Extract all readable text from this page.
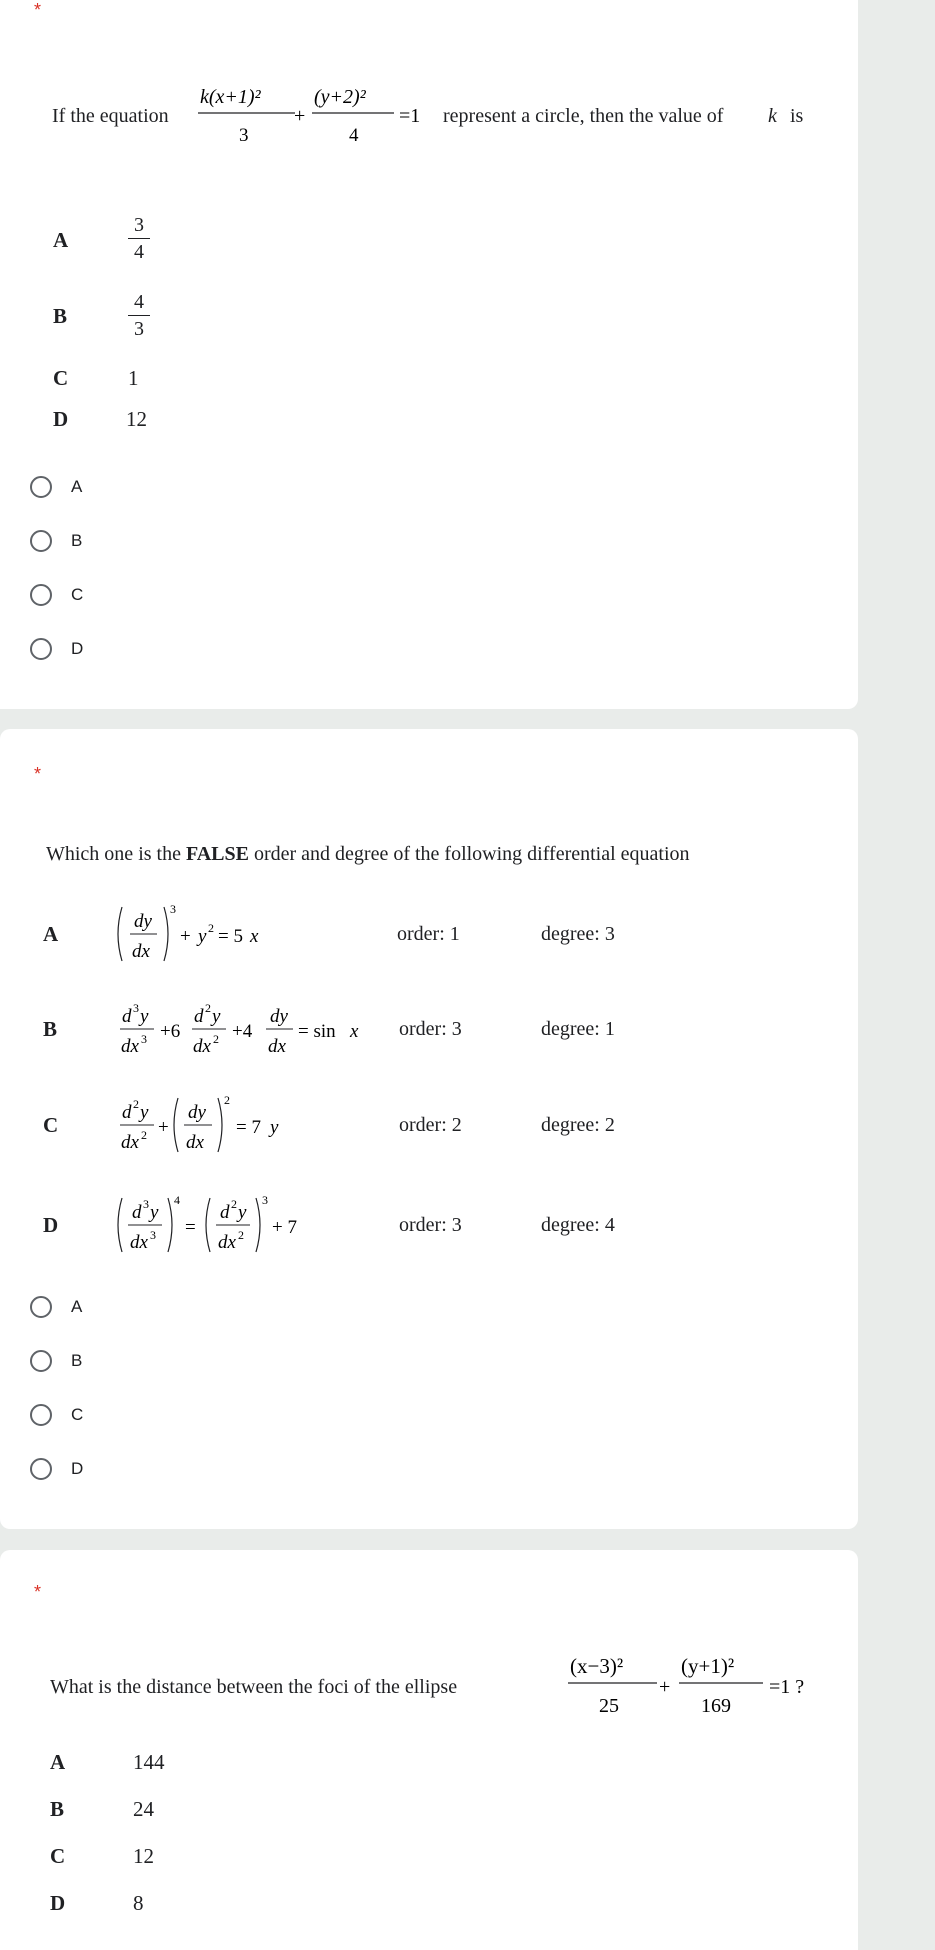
*
If the equation
k(x+1)²
3
+
(y+2)²
4
=1 represent a circle, then the value of k is
A
3
4
B
4
3
C	1
D	12
A
B
C
D
*
Which one is the FALSE order and degree of the following differential equation
A
dy
dx
3
+ y 2 = 5 x	order: 1	degree: 3
B
d 3 y
dx 3 +6
d 2 y
dx 2 +4
dy
dx
= sin x order: 3	degree: 1
C
d 2 y
dx 2 +
dy
dx
2
= 7 y	order: 2	degree: 2
D
d 3 y
dx 3
4
=
d 2 y
dx 2
3
+ 7	order: 3	degree: 4
A
B
C
D
*
What is the distance between the foci of the ellipse
(x−3)²
25
+
(y+1)²
169
=1 ?
A	144
B	24
C	12
D	8
